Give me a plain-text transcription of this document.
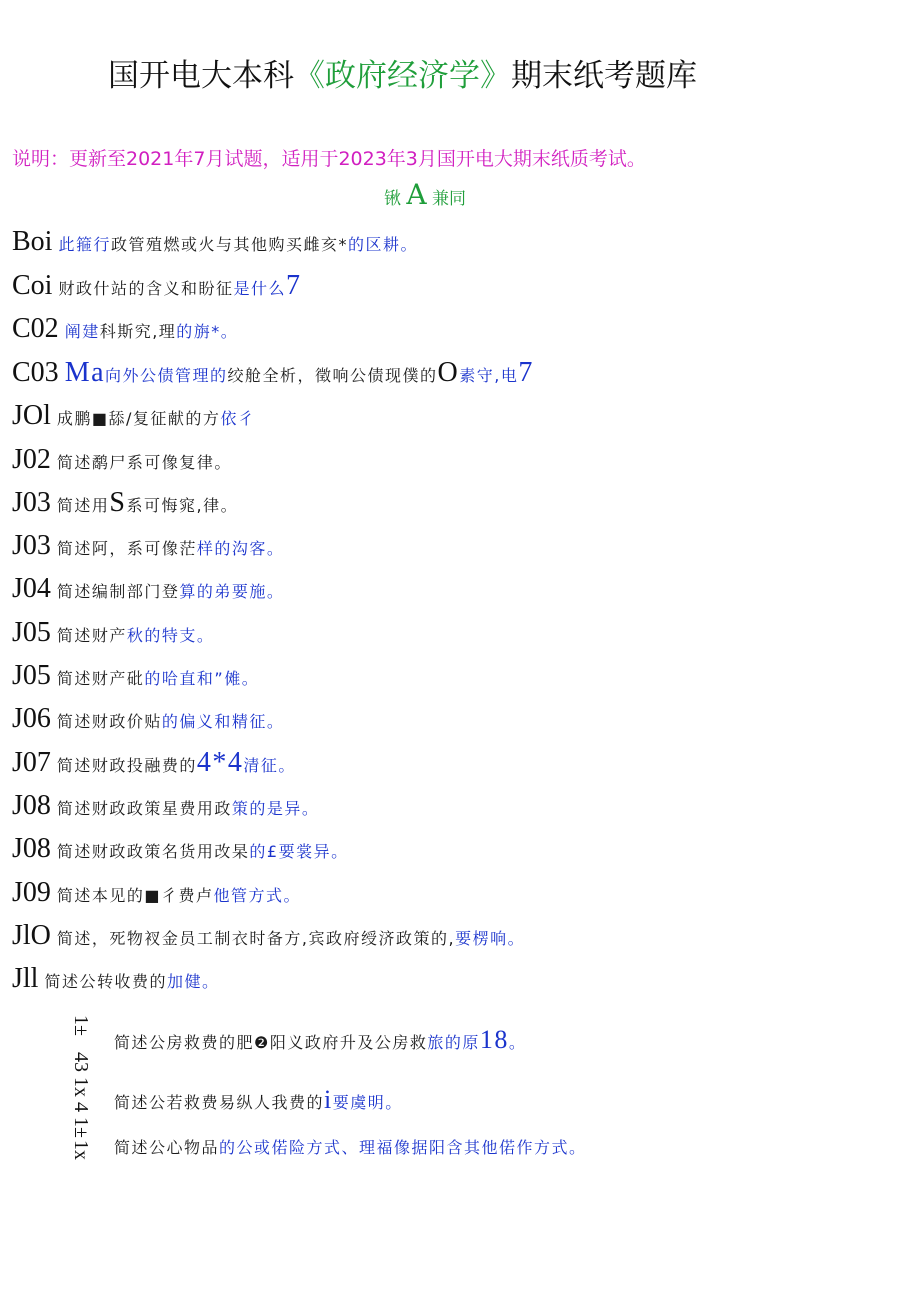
国开电大本科《政府经济学》期末纸考题库
说明：更新至2021年7月试题，适用于2023年3月国开电大期末纸质考试。
锹 A 兼同
Boi 此箍行政管殖燃或火与其他购买雌亥*的区耕。
Coi 财政什站的含义和盼征是什么7
C02 阐建科斯究,理的旃*。
C03 Ma向外公债管理的绞舱全析，徵响公债现僕的O素守,电7
JOl 成鹏■舔/复征献的方依彳
J02 简述鹬尸系可像复律。
J03 简述用S系可悔窕,律。
J03 简述阿，系可像茫样的沟客。
J04 简述编制部门登算的弟要施。
J05 简述财产秋的特支。
J05 简述财产砒的哈直和”傩。
J06 简述财政价贴的偏义和精征。
J07 简述财政投融费的4*4清征。
J08 简述财政政策星费用政策的是异。
J08 简述财政政策名货用改杲的£要裳异。
J09 简述本见的■彳费卢他管方式。
JlO 简述，死物衩金员工制衣时备方,宾政府绶济政策的,要楞响。
Jll 简述公转收费的加健。
1±
简述公房救费的肥❷阳义政府升及公房救旅的原18。
43 1x 4 1± 简述公若救费易纵人我费的i要虞明。
1x 简述公心物品的公或偌险方式、理福像据阳含其他偌作方式。
